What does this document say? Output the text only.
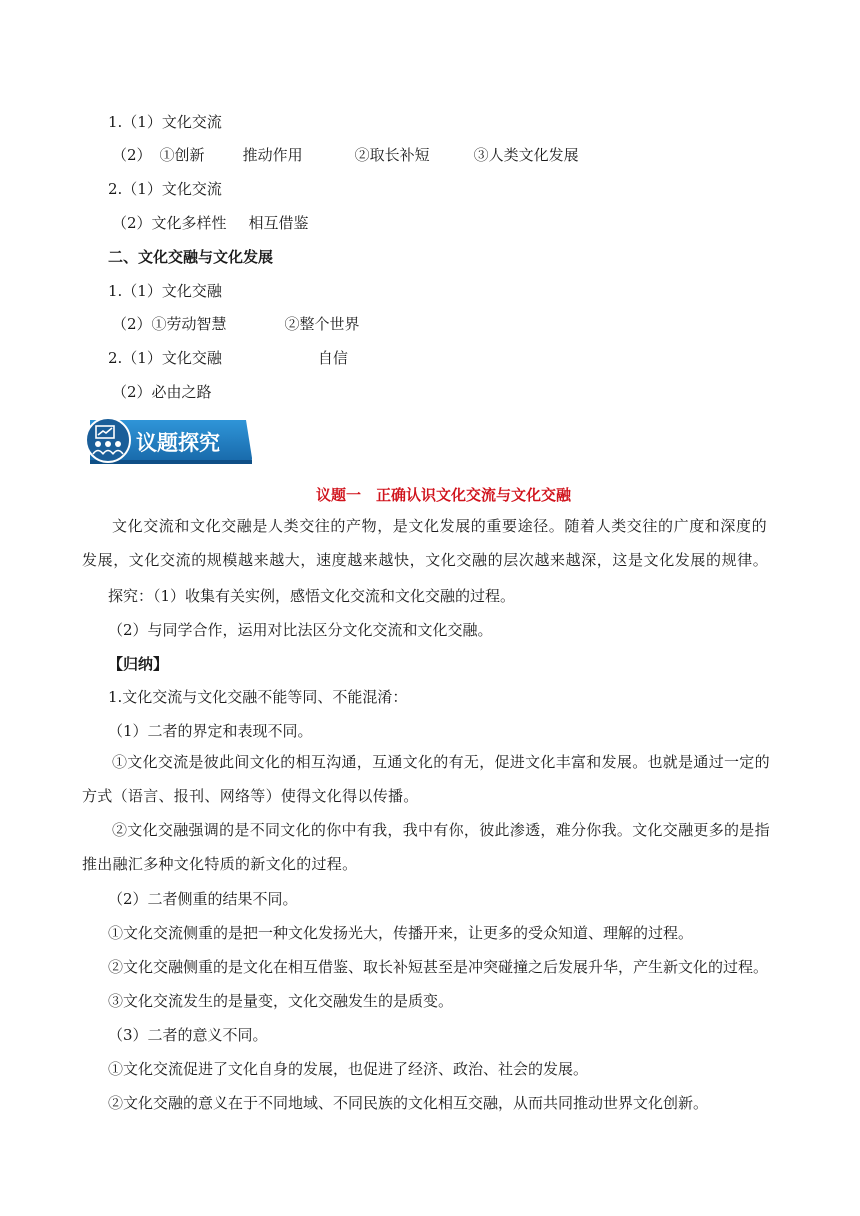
1.（1）文化交流
（2） ①创新	推动作用	②取长补短	③人类文化发展
2.（1）文化交流
（2）文化多样性 相互借鉴
二、文化交融与文化发展
1.（1）文化交融
（2）①劳动智慧	②整个世界
2.（1）文化交融	自信
（2）必由之路
议题探究
议题一　正确认识文化交流与文化交融
文化交流和文化交融是人类交往的产物，是文化发展的重要途径。随着人类交往的广度和深度的发展，文化交流的规模越来越大，速度越来越快，文化交融的层次越来越深，这是文化发展的规律。
探究：（1）收集有关实例，感悟文化交流和文化交融的过程。
（2）与同学合作，运用对比法区分文化交流和文化交融。
【归纳】
1.文化交流与文化交融不能等同、不能混淆：
（1）二者的界定和表现不同。
①文化交流是彼此间文化的相互沟通，互通文化的有无，促进文化丰富和发展。也就是通过一定的方式（语言、报刊、网络等）使得文化得以传播。
②文化交融强调的是不同文化的你中有我，我中有你，彼此渗透，难分你我。文化交融更多的是指推出融汇多种文化特质的新文化的过程。
（2）二者侧重的结果不同。
①文化交流侧重的是把一种文化发扬光大，传播开来，让更多的受众知道、理解的过程。
②文化交融侧重的是文化在相互借鉴、取长补短甚至是冲突碰撞之后发展升华，产生新文化的过程。
③文化交流发生的是量变，文化交融发生的是质变。
（3）二者的意义不同。
①文化交流促进了文化自身的发展，也促进了经济、政治、社会的发展。
②文化交融的意义在于不同地域、不同民族的文化相互交融，从而共同推动世界文化创新。
